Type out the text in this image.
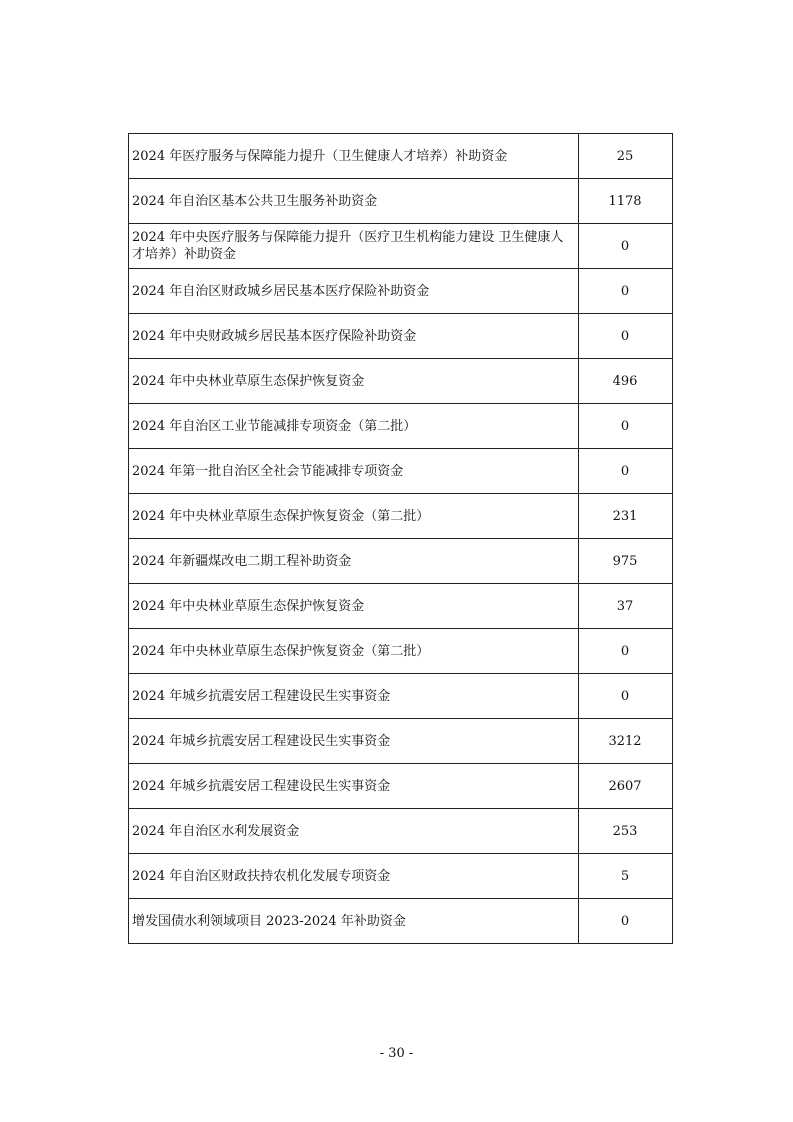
2024 年医疗服务与保障能力提升（卫生健康人才培养）补助资金	25
2024 年自治区基本公共卫生服务补助资金	1178
2024 年中央医疗服务与保障能力提升（医疗卫生机构能力建设 卫生健康人才培养）补助资金	0
2024 年自治区财政城乡居民基本医疗保险补助资金	0
2024 年中央财政城乡居民基本医疗保险补助资金	0
2024 年中央林业草原生态保护恢复资金	496
2024 年自治区工业节能减排专项资金（第二批）	0
2024 年第一批自治区全社会节能减排专项资金	0
2024 年中央林业草原生态保护恢复资金（第二批）	231
2024 年新疆煤改电二期工程补助资金	975
2024 年中央林业草原生态保护恢复资金	37
2024 年中央林业草原生态保护恢复资金（第二批）	0
2024 年城乡抗震安居工程建设民生实事资金	0
2024 年城乡抗震安居工程建设民生实事资金	3212
2024 年城乡抗震安居工程建设民生实事资金	2607
2024 年自治区水利发展资金	253
2024 年自治区财政扶持农机化发展专项资金	5
增发国债水利领域项目 2023-2024 年补助资金	0
- 30 -
